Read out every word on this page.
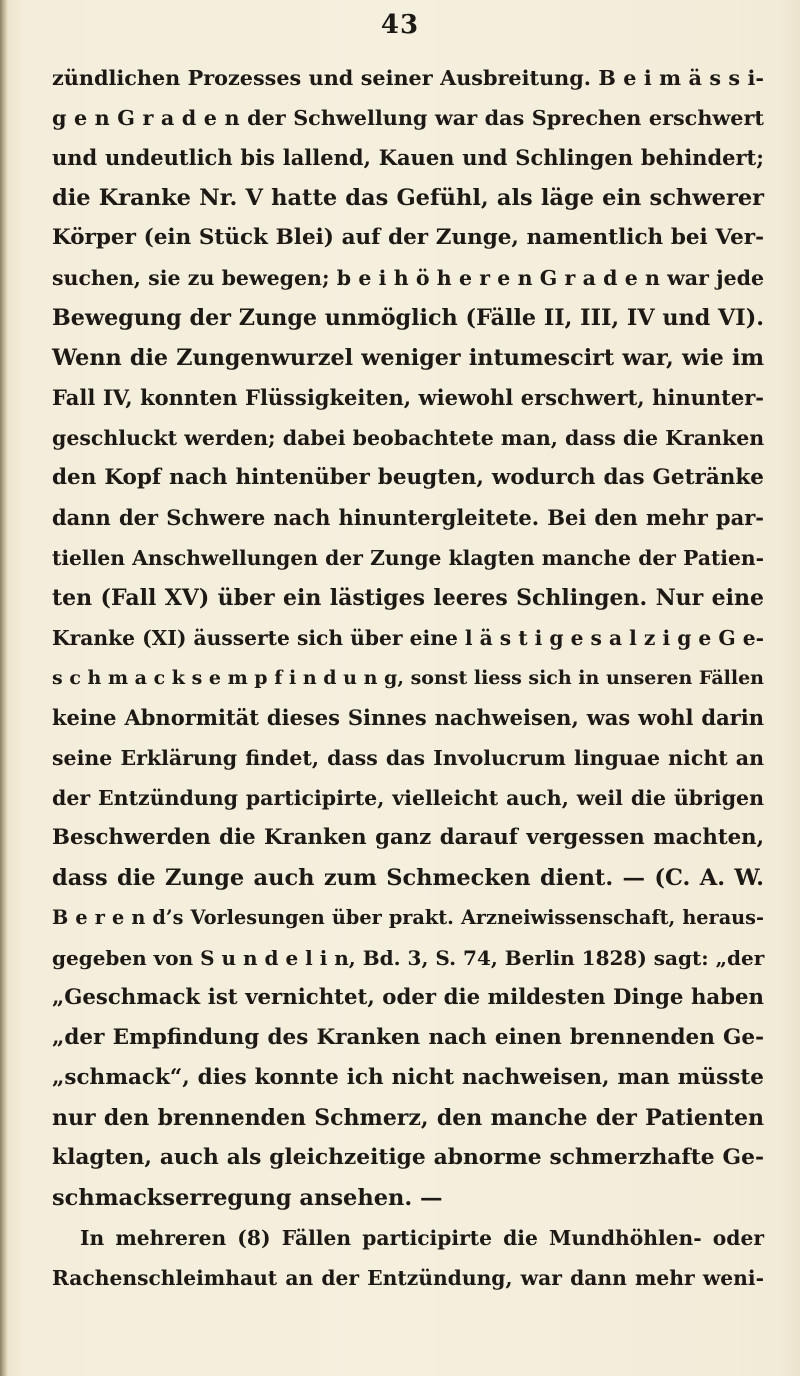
43
zündlichen Prozesses und seiner Ausbreitung. B e i m ä s s i-
g e n G r a d e n der Schwellung war das Sprechen erschwert
und undeutlich bis lallend, Kauen und Schlingen behindert;
die Kranke Nr. V hatte das Gefühl, als läge ein schwerer
Körper (ein Stück Blei) auf der Zunge, namentlich bei Ver-
suchen, sie zu bewegen; b e i h ö h e r e n G r a d e n war jede
Bewegung der Zunge unmöglich (Fälle II, III, IV und VI).
Wenn die Zungenwurzel weniger intumescirt war, wie im
Fall IV, konnten Flüssigkeiten, wiewohl erschwert, hinunter-
geschluckt werden; dabei beobachtete man, dass die Kranken
den Kopf nach hintenüber beugten, wodurch das Getränke
dann der Schwere nach hinuntergleitete. Bei den mehr par-
tiellen Anschwellungen der Zunge klagten manche der Patien-
ten (Fall XV) über ein lästiges leeres Schlingen. Nur eine
Kranke (XI) äusserte sich über eine l ä s t i g e s a l z i g e G e-
s c h m a c k s e m p f i n d u n g, sonst liess sich in unseren Fällen
keine Abnormität dieses Sinnes nachweisen, was wohl darin
seine Erklärung findet, dass das Involucrum linguae nicht an
der Entzündung participirte, vielleicht auch, weil die übrigen
Beschwerden die Kranken ganz darauf vergessen machten,
dass die Zunge auch zum Schmecken dient. — (C. A. W.
B e r e n d’s Vorlesungen über prakt. Arzneiwissenschaft, heraus-
gegeben von S u n d e l i n, Bd. 3, S. 74, Berlin 1828) sagt: „der
„Geschmack ist vernichtet, oder die mildesten Dinge haben
„der Empfindung des Kranken nach einen brennenden Ge-
„schmack“, dies konnte ich nicht nachweisen, man müsste
nur den brennenden Schmerz, den manche der Patienten
klagten, auch als gleichzeitige abnorme schmerzhafte Ge-
schmackserregung ansehen. —
In mehreren (8) Fällen participirte die Mundhöhlen- oder
Rachenschleimhaut an der Entzündung, war dann mehr weni-
